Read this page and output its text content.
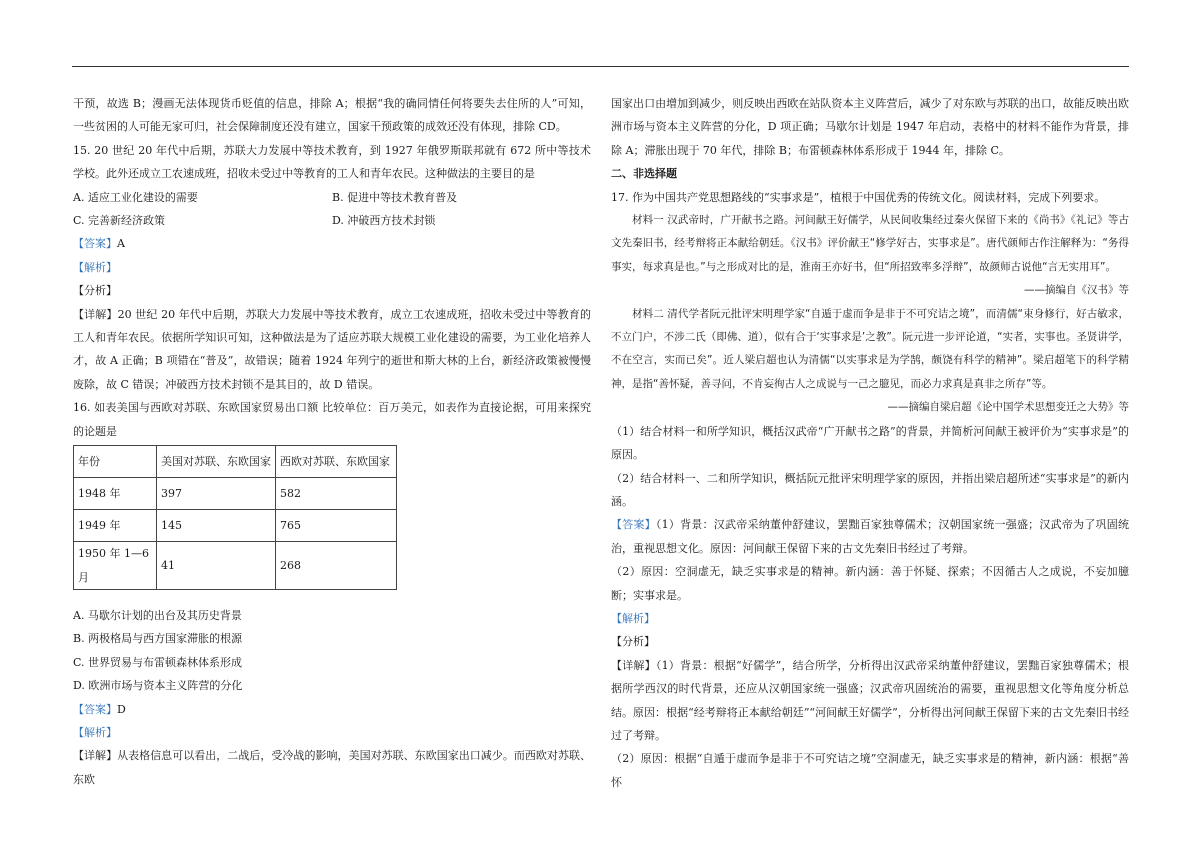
干预，故选 B；漫画无法体现货币贬值的信息，排除 A；根据“我的确同情任何将要失去住所的人”可知，一些贫困的人可能无家可归，社会保障制度还没有建立，国家干预政策的成效还没有体现，排除 CD。

15. 20 世纪 20 年代中后期，苏联大力发展中等技术教育，到 1927 年俄罗斯联邦就有 672 所中等技术学校。此外还成立工农速成班，招收未受过中等教育的工人和青年农民。这种做法的主要目的是

A. 适应工业化建设的需要	B. 促进中等技术教育普及
C. 完善新经济政策	D. 冲破西方技术封锁

【答案】A

【解析】

【分析】

【详解】20 世纪 20 年代中后期，苏联大力发展中等技术教育，成立工农速成班，招收未受过中等教育的工人和青年农民。依据所学知识可知，这种做法是为了适应苏联大规模工业化建设的需要，为工业化培养人才，故 A 正确；B 项错在“普及”，故错误；随着 1924 年列宁的逝世和斯大林的上台，新经济政策被慢慢废除，故 C 错误；冲破西方技术封锁不是其目的，故 D 错误。

16. 如表美国与西欧对苏联、东欧国家贸易出口额 比较单位：百万美元，如表作为直接论据，可用来探究的论题是

年份	美国对苏联、东欧国家	西欧对苏联、东欧国家
1948 年	397	582
1949 年	145	765
1950 年 1—6 月	41	268
A. 马歇尔计划的出台及其历史背景
B. 两极格局与西方国家滞胀的根源
C. 世界贸易与布雷顿森林体系形成
D. 欧洲市场与资本主义阵营的分化

【答案】D

【解析】

【详解】从表格信息可以看出，二战后，受冷战的影响，美国对苏联、东欧国家出口减少。而西欧对苏联、东欧

国家出口由增加到减少，则反映出西欧在站队资本主义阵营后，减少了对东欧与苏联的出口，故能反映出欧洲市场与资本主义阵营的分化，D 项正确；马歇尔计划是 1947 年启动，表格中的材料不能作为背景，排除 A；滞胀出现于 70 年代，排除 B；布雷顿森林体系形成于 1944 年，排除 C。

二、非选择题

17. 作为中国共产党思想路线的“实事求是”，植根于中国优秀的传统文化。阅读材料，完成下列要求。

材料一 汉武帝时，广开献书之路。河间献王好儒学，从民间收集经过秦火保留下来的《尚书》《礼记》等古文先秦旧书，经考辩将正本献给朝廷。《汉书》评价献王“修学好古，实事求是”。唐代颜师古作注解释为：“务得事实，每求真是也。”与之形成对比的是，淮南王亦好书，但“所招致率多浮辩”，故颜师古说他“言无实用耳”。

——摘编自《汉书》等

材料二 清代学者阮元批评宋明理学家“自遁于虚而争是非于不可究诘之境”，而清儒“束身修行，好古敏求，不立门户，不涉二氏（即佛、道），似有合于‘实事求是’之教”。阮元进一步评论道，“实者，实事也。圣贤讲学，不在空言，实而已矣”。近人梁启超也认为清儒“以实事求是为学鹄，颇饶有科学的精神”。梁启超笔下的科学精神，是指“善怀疑，善寻问，不肯妄徇古人之成说与一己之臆见，而必力求真是真非之所存”等。

——摘编自梁启超《论中国学术思想变迁之大势》等

（1）结合材料一和所学知识，概括汉武帝“广开献书之路”的背景，并简析河间献王被评价为“实事求是”的原因。

（2）结合材料一、二和所学知识，概括阮元批评宋明理学家的原因，并指出梁启超所述“实事求是”的新内涵。

【答案】（1）背景：汉武帝采纳董仲舒建议，罢黜百家独尊儒术；汉朝国家统一强盛；汉武帝为了巩固统治，重视思想文化。原因：河间献王保留下来的古文先秦旧书经过了考辩。

（2）原因：空洞虚无，缺乏实事求是的精神。新内涵：善于怀疑、探索；不因循古人之成说，不妄加臆断；实事求是。

【解析】

【分析】

【详解】（1）背景：根据“好儒学”，结合所学，分析得出汉武帝采纳董仲舒建议，罢黜百家独尊儒术；根据所学西汉的时代背景，还应从汉朝国家统一强盛；汉武帝巩固统治的需要，重视思想文化等角度分析总结。原因：根据“经考辩将正本献给朝廷”“河间献王好儒学”，分析得出河间献王保留下来的古文先秦旧书经过了考辩。

（2）原因：根据“自遁于虚而争是非于不可究诘之境”空洞虚无，缺乏实事求是的精神，新内涵：根据“善怀
